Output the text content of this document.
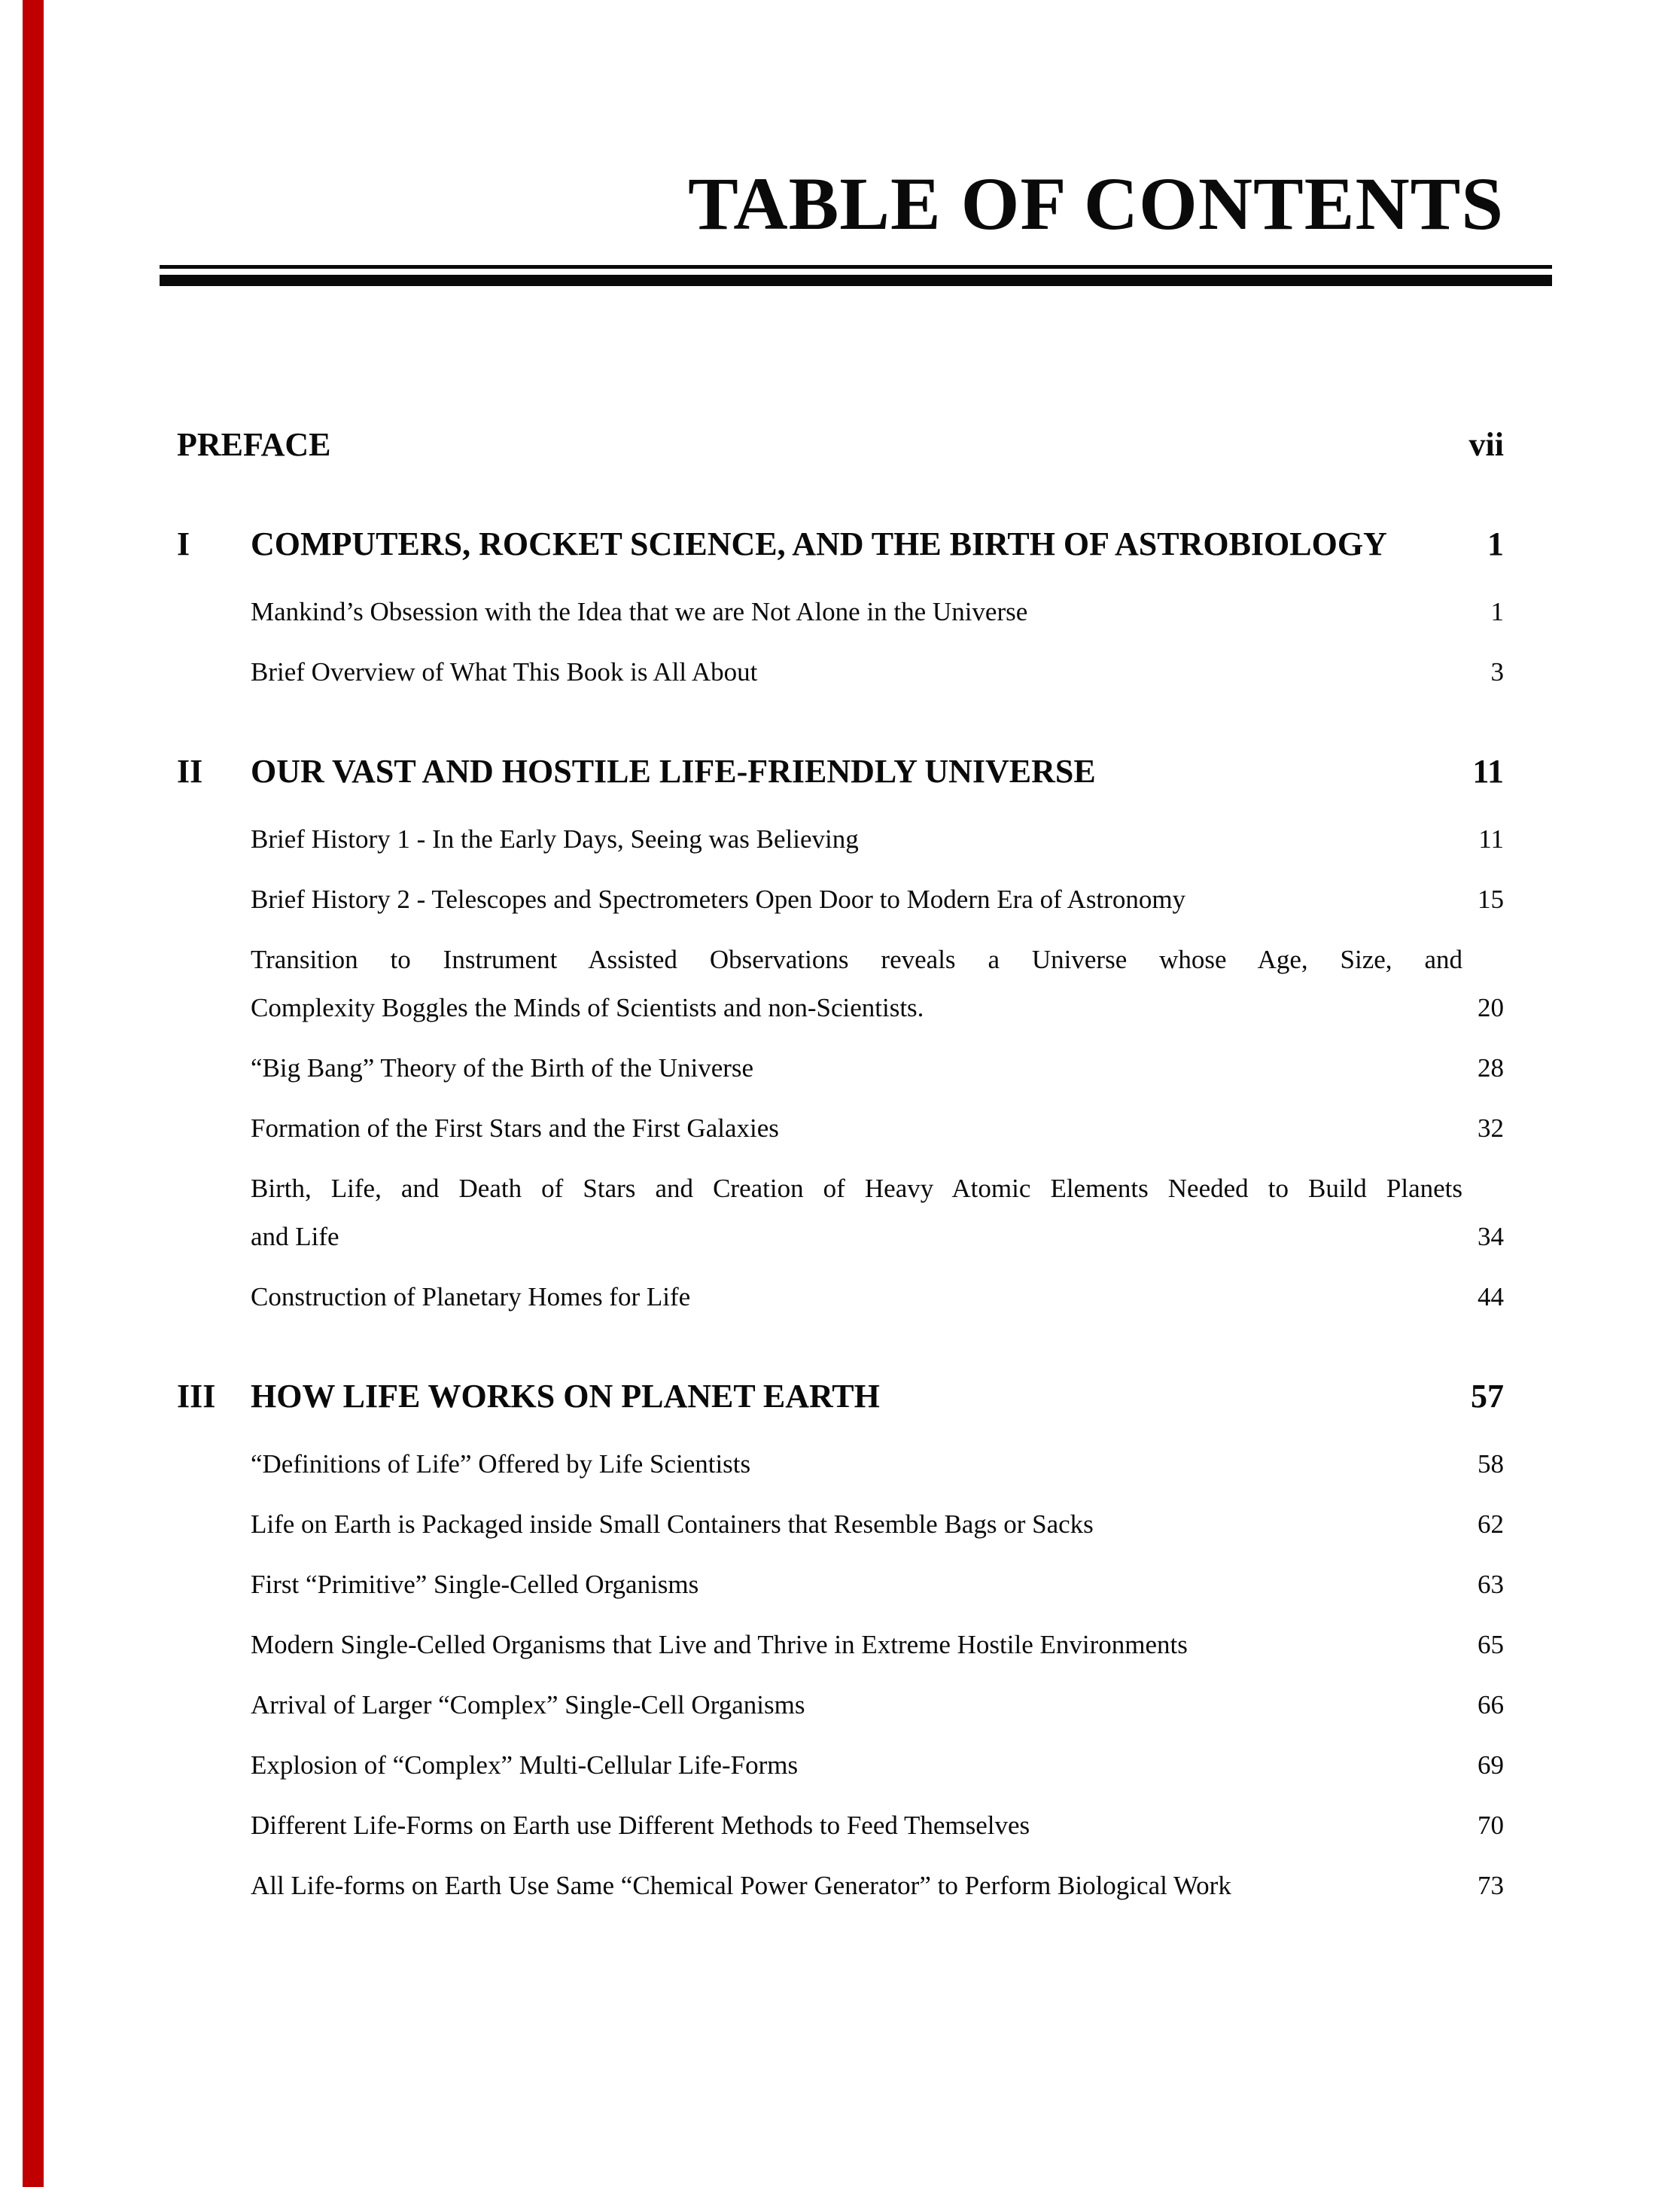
TABLE OF CONTENTS
PREFACE	vii
I	COMPUTERS, ROCKET SCIENCE, AND THE BIRTH OF ASTROBIOLOGY	1
Mankind’s Obsession with the Idea that we are Not Alone in the Universe	1
Brief Overview of What This Book is All About	3
II	OUR VAST AND HOSTILE LIFE-FRIENDLY UNIVERSE	11
Brief History 1 - In the Early Days, Seeing was Believing	11
Brief History 2 - Telescopes and Spectrometers Open Door to Modern Era of Astronomy	15
Transition to Instrument Assisted Observations reveals a Universe whose Age, Size, and
Complexity Boggles the Minds of Scientists and non-Scientists.	20
“Big Bang” Theory of the Birth of the Universe	28
Formation of the First Stars and the First Galaxies	32
Birth, Life, and Death of Stars and Creation of Heavy Atomic Elements Needed to Build Planets
and Life	34
Construction of Planetary Homes for Life	44
III	HOW LIFE WORKS ON PLANET EARTH	57
“Definitions of Life” Offered by Life Scientists	58
Life on Earth is Packaged inside Small Containers that Resemble Bags or Sacks	62
First “Primitive” Single-Celled Organisms	63
Modern Single-Celled Organisms that Live and Thrive in Extreme Hostile Environments	65
Arrival of Larger “Complex” Single-Cell Organisms	66
Explosion of “Complex” Multi-Cellular Life-Forms	69
Different Life-Forms on Earth use Different Methods to Feed Themselves	70
All Life-forms on Earth Use Same “Chemical Power Generator” to Perform Biological Work	73
